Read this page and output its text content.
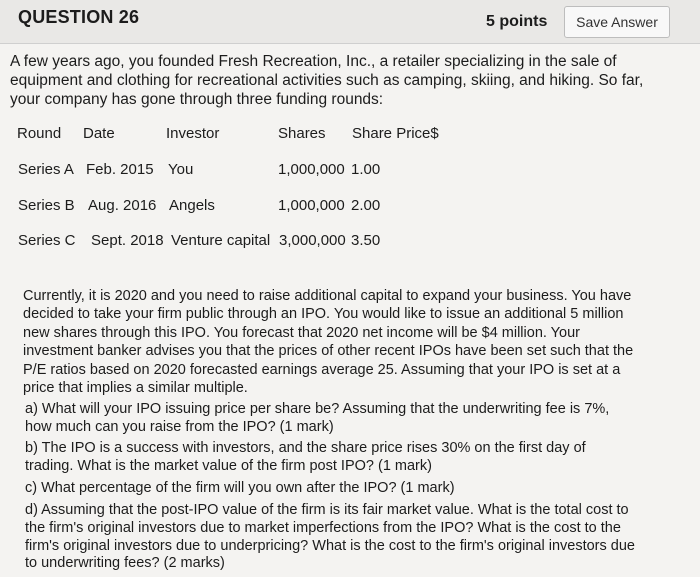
QUESTION 26	5 points	Save Answer
A few years ago, you founded Fresh Recreation, Inc., a retailer specializing in the sale of equipment and clothing for recreational activities such as camping, skiing, and hiking. So far, your company has gone through three funding rounds:
Round Date	Investor	Shares Share Price$
Series A Feb. 2015 You	1,000,000 1.00
Series B Aug. 2016 Angels	1,000,000 2.00
Series C Sept. 2018 Venture capital 3,000,000 3.50
Currently, it is 2020 and you need to raise additional capital to expand your business. You have decided to take your firm public through an IPO. You would like to issue an additional 5 million new shares through this IPO. You forecast that 2020 net income will be $4 million. Your investment banker advises you that the prices of other recent IPOs have been set such that the P/E ratios based on 2020 forecasted earnings average 25. Assuming that your IPO is set at a price that implies a similar multiple.
a) What will your IPO issuing price per share be? Assuming that the underwriting fee is 7%, how much can you raise from the IPO? (1 mark)
b) The IPO is a success with investors, and the share price rises 30% on the first day of trading. What is the market value of the firm post IPO? (1 mark)
c) What percentage of the firm will you own after the IPO? (1 mark)
d) Assuming that the post-IPO value of the firm is its fair market value. What is the total cost to the firm's original investors due to market imperfections from the IPO? What is the cost to the firm's original investors due to underpricing? What is the cost to the firm's original investors due to underwriting fees? (2 marks)
